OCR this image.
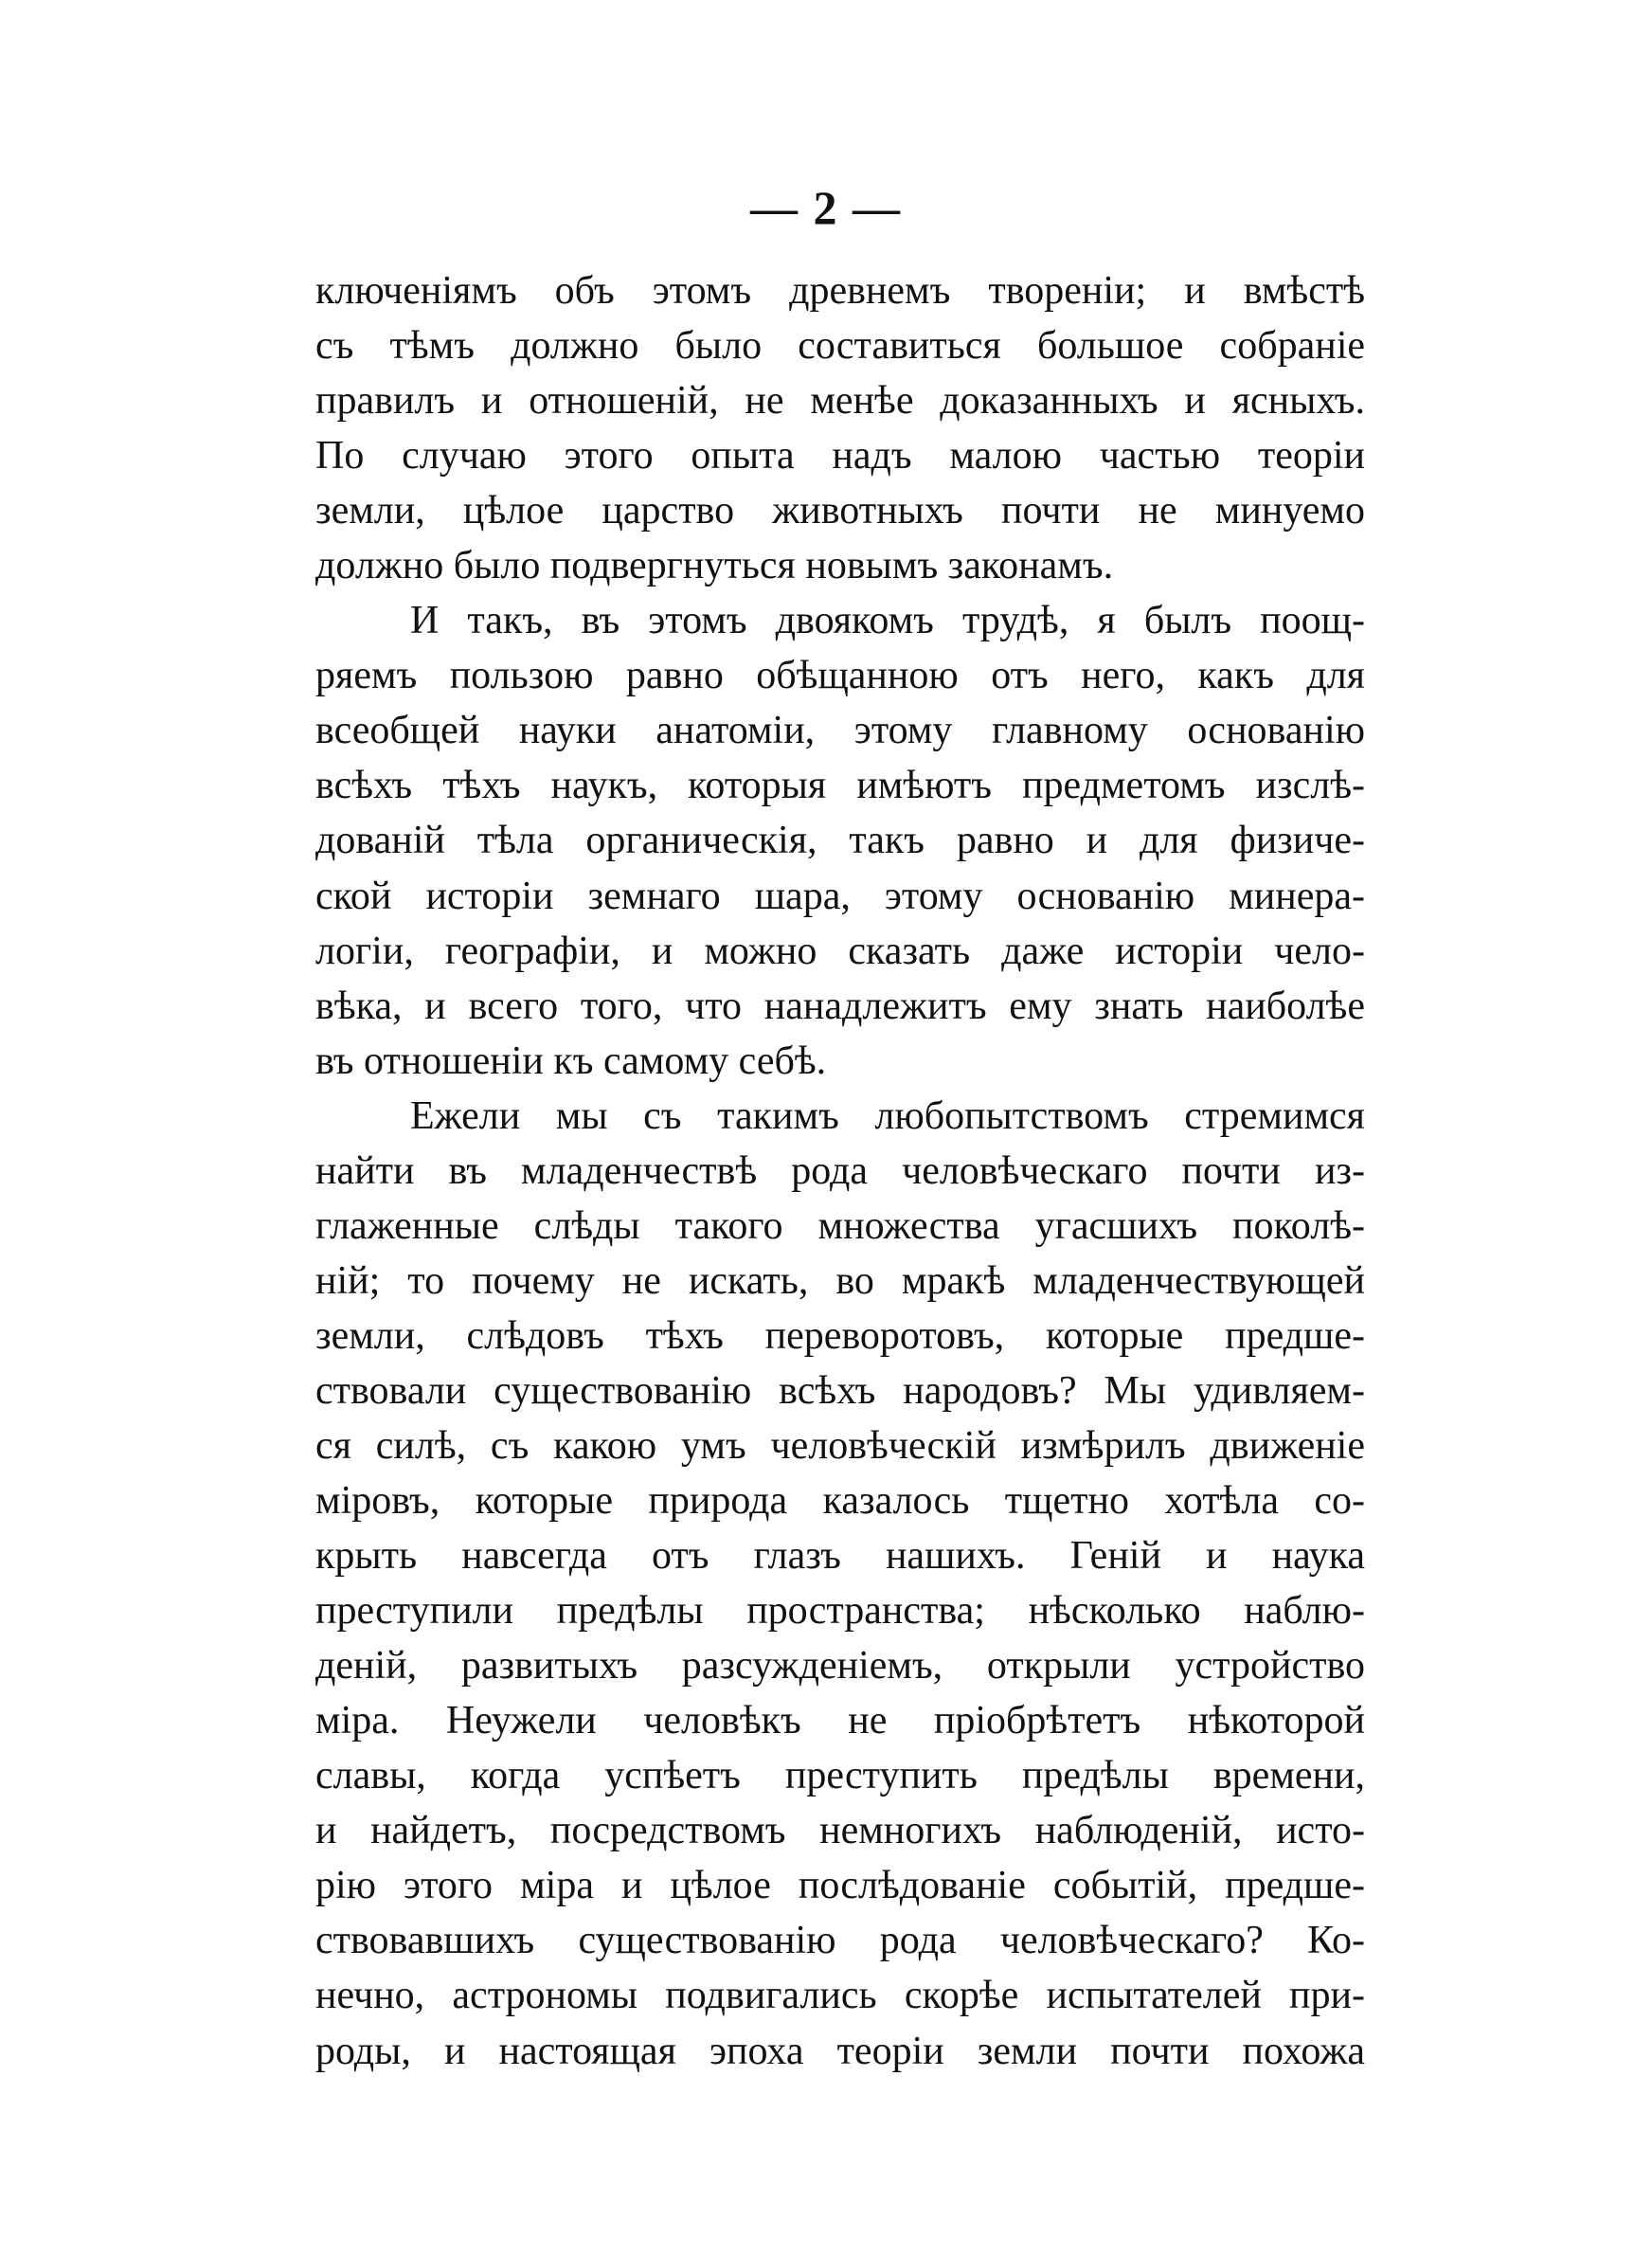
— 2 —
ключеніямъ объ этомъ древнемъ твореніи; и вмѣстѣ
съ тѣмъ должно было составиться большое собраніе
правилъ и отношеній, не менѣе доказанныхъ и ясныхъ.
По случаю этого опыта надъ малою частью теоріи
земли, цѣлое царство животныхъ почти не минуемо
должно было подвергнуться новымъ законамъ.
И такъ, въ этомъ двоякомъ трудѣ, я былъ поощ-
ряемъ пользою равно обѣщанною отъ него, какъ для
всеобщей науки анатоміи, этому главному основанію
всѣхъ тѣхъ наукъ, которыя имѣютъ предметомъ изслѣ-
дованій тѣла органическія, такъ равно и для физиче-
ской исторіи земнаго шара, этому основанію минера-
логіи, географіи, и можно сказать даже исторіи чело-
вѣка, и всего того, что нанадлежитъ ему знать наиболѣе
въ отношеніи къ самому себѣ.
Ежели мы съ такимъ любопытствомъ стремимся
найти въ младенчествѣ рода человѣческаго почти из-
глаженные слѣды такого множества угасшихъ поколѣ-
ній; то почему не искать, во мракѣ младенчествующей
земли, слѣдовъ тѣхъ переворотовъ, которые предше-
ствовали существованію всѣхъ народовъ? Мы удивляем-
ся силѣ, съ какою умъ человѣческій измѣрилъ движеніе
міровъ, которые природа казалось тщетно хотѣла со-
крыть навсегда отъ глазъ нашихъ. Геній и наука
преступили предѣлы пространства; нѣсколько наблю-
деній, развитыхъ разсужденіемъ, открыли устройство
міра. Неужели человѣкъ не пріобрѣтетъ нѣкоторой
славы, когда успѣетъ преступить предѣлы времени,
и найдетъ, посредствомъ немногихъ наблюденій, исто-
рію этого міра и цѣлое послѣдованіе событій, предше-
ствовавшихъ существованію рода человѣческаго? Ко-
нечно, астрономы подвигались скорѣе испытателей при-
роды, и настоящая эпоха теоріи земли почти похожа
